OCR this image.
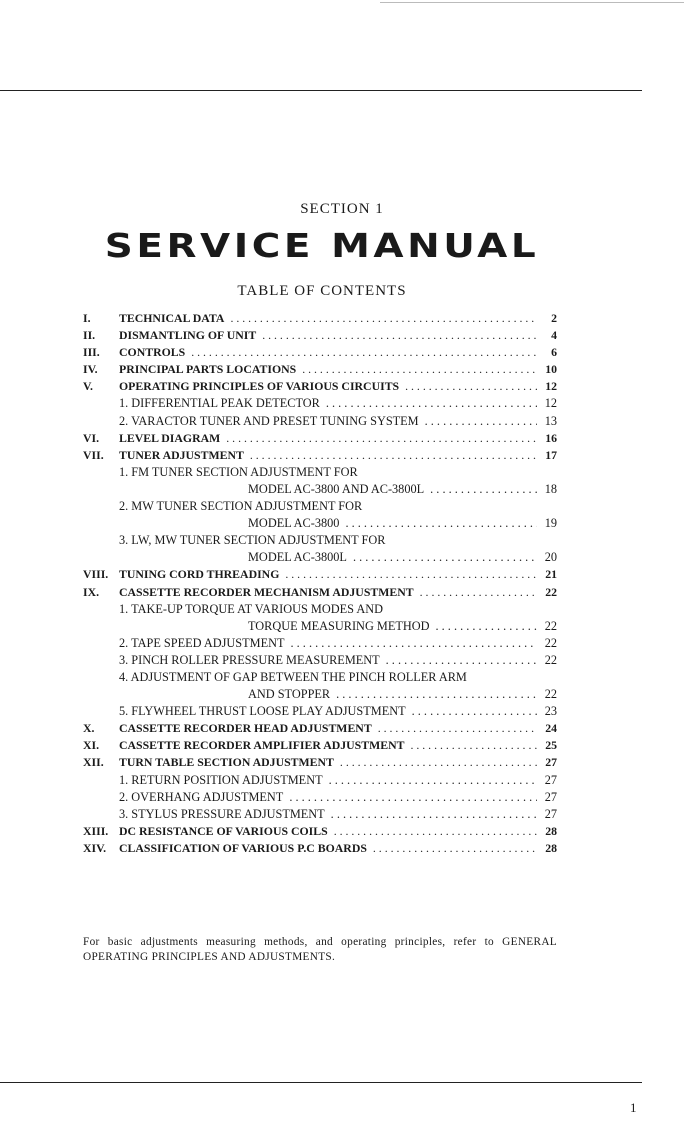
SECTION 1
SERVICE MANUAL
TABLE OF CONTENTS
I.	TECHNICAL DATA . . .	2
II.	DISMANTLING OF UNIT . . .	4
III.	CONTROLS . . .	6
IV.	PRINCIPAL PARTS LOCATIONS . . .	10
V.	OPERATING PRINCIPLES OF VARIOUS CIRCUITS . . .	12
1. DIFFERENTIAL PEAK DETECTOR . . .	12
2. VARACTOR TUNER AND PRESET TUNING SYSTEM . . .	13
VI.	LEVEL DIAGRAM . . .	16
VII.	TUNER ADJUSTMENT . . .	17
1. FM TUNER SECTION ADJUSTMENT FOR
MODEL AC-3800 AND AC-3800L . . .	18
2. MW TUNER SECTION ADJUSTMENT FOR
MODEL AC-3800 . . .	19
3. LW, MW TUNER SECTION ADJUSTMENT FOR
MODEL AC-3800L . . .	20
VIII. TUNING CORD THREADING . . .	21
IX.	CASSETTE RECORDER MECHANISM ADJUSTMENT . . .	22
1. TAKE-UP TORQUE AT VARIOUS MODES AND
TORQUE MEASURING METHOD . . .	22
2. TAPE SPEED ADJUSTMENT . . .	22
3. PINCH ROLLER PRESSURE MEASUREMENT . . .	22
4. ADJUSTMENT OF GAP BETWEEN THE PINCH ROLLER ARM
AND STOPPER . . .	22
5. FLYWHEEL THRUST LOOSE PLAY ADJUSTMENT . . .	23
X.	CASSETTE RECORDER HEAD ADJUSTMENT . . .	24
XI.	CASSETTE RECORDER AMPLIFIER ADJUSTMENT . . .	25
XII.	TURN TABLE SECTION ADJUSTMENT . . .	27
1. RETURN POSITION ADJUSTMENT . . .	27
2. OVERHANG ADJUSTMENT . . .	27
3. STYLUS PRESSURE ADJUSTMENT . . .	27
XIII. DC RESISTANCE OF VARIOUS COILS . . .	28
XIV.	CLASSIFICATION OF VARIOUS P.C BOARDS . . .	28
For basic adjustments measuring methods, and operating principles, refer to GENERAL OPERATING PRINCIPLES AND ADJUSTMENTS.
1
